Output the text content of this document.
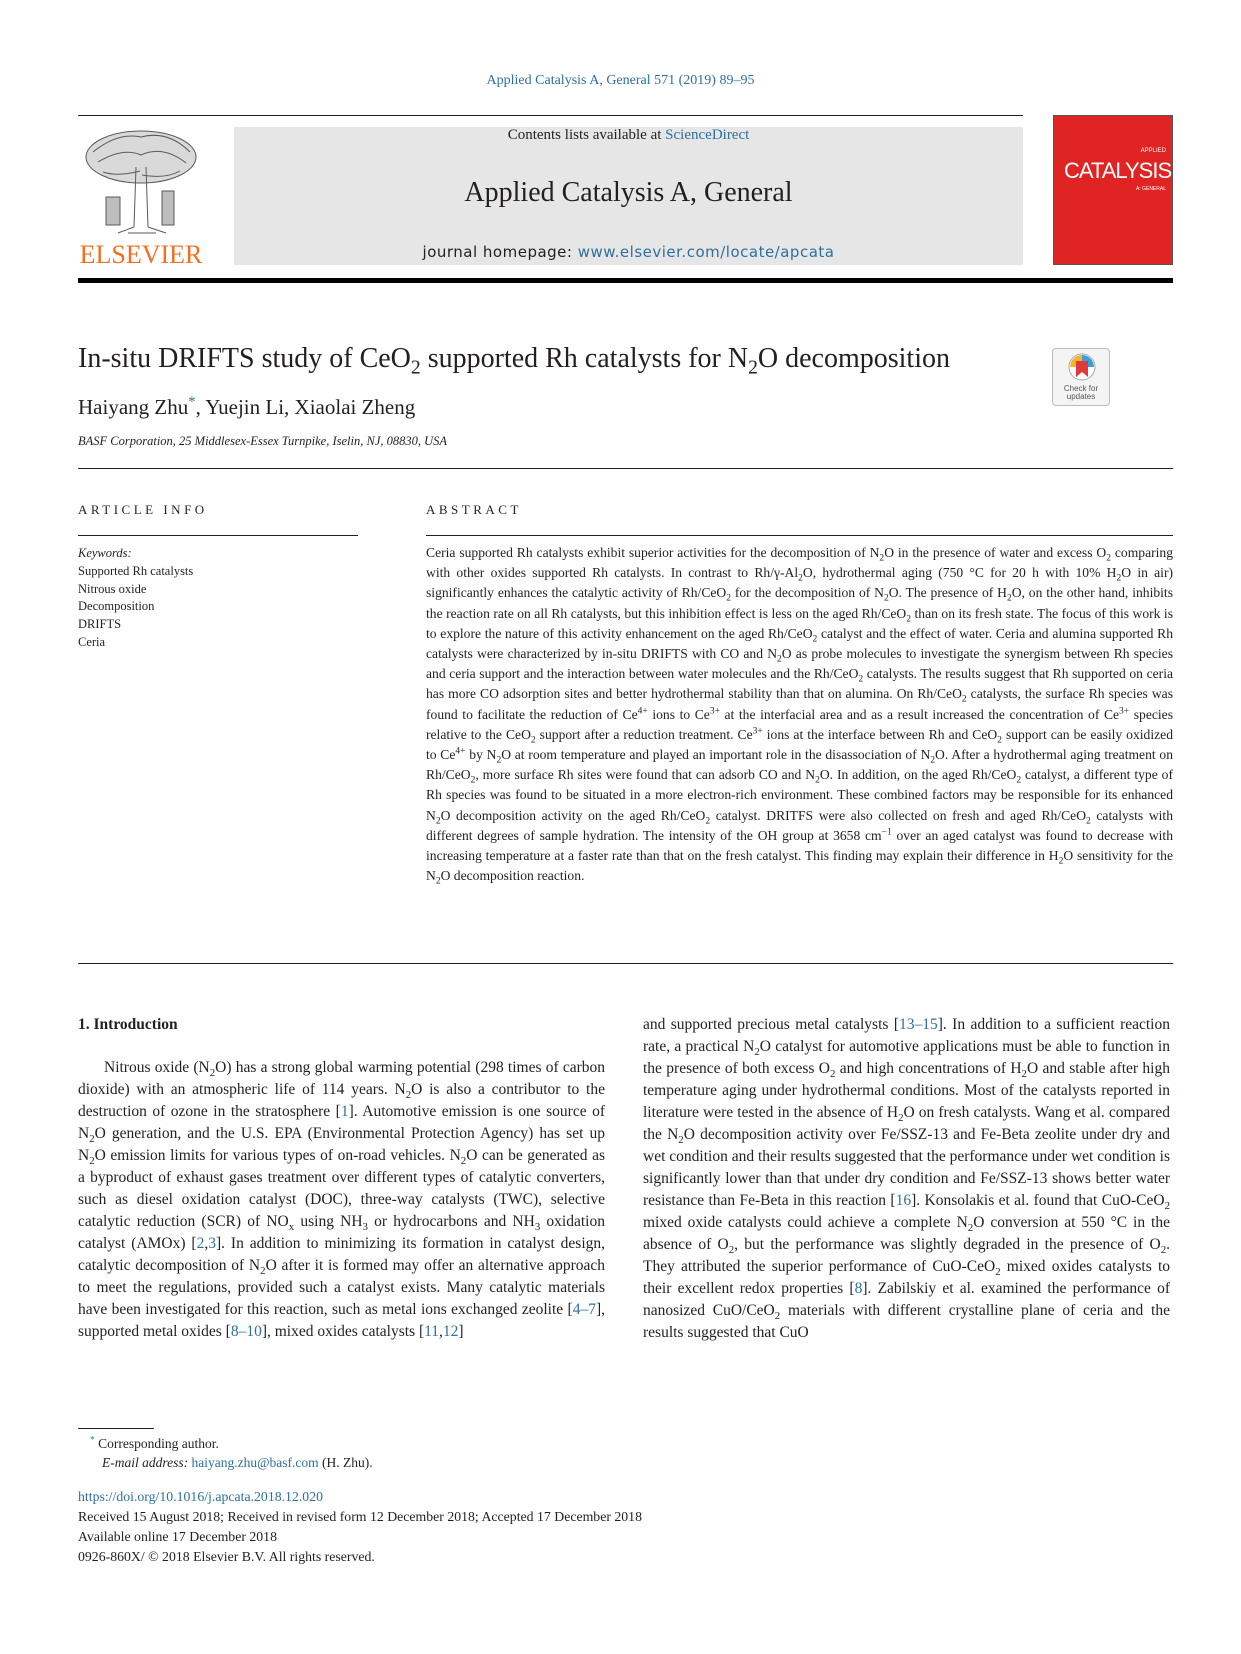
Applied Catalysis A, General 571 (2019) 89–95
ELSEVIER
Contents lists available at ScienceDirect
Applied Catalysis A, General
journal homepage: www.elsevier.com/locate/apcata
APPLIED
CATALYSIS
A: GENERAL
In-situ DRIFTS study of CeO$_2$ supported Rh catalysts for $N_2O$ decomposition
Check for
updates
Haiyang Zhu*, Yuejin Li, Xiaolai Zheng
BASF Corporation, 25 Middlesex-Essex Turnpike, Iselin, NJ, 08830, USA
ARTICLE INFO	ABSTRACT
Keywords:
Supported Rh catalysts
Nitrous oxide
Decomposition
DRIFTS
Ceria
Ceria supported Rh catalysts exhibit superior activities for the decomposition of $N_2O$ in the presence of water and excess $O_2$ comparing with other oxides supported Rh catalysts. In contrast to $Rh/\gamma-Al_2O$, hydrothermal aging (750 °C for 20 h with 10% $H_2O$ in air) significantly enhances the catalytic activity of Rh/CeO$_2$ for the decomposition of $N_2O$. The presence of $H_2O$, on the other hand, inhibits the reaction rate on all Rh catalysts, but this inhibition effect is less on the aged Rh/CeO$_2$ than on its fresh state. The focus of this work is to explore the nature of this activity enhancement on the aged Rh/CeO$_2$ catalyst and the effect of water. Ceria and alumina supported Rh catalysts were characterized by in-situ DRIFTS with CO and $N_2O$ as probe molecules to investigate the synergism between Rh species and ceria support and the interaction between water molecules and the Rh/CeO$_2$ catalysts. The results suggest that Rh supported on ceria has more CO adsorption sites and better hydrothermal stability than that on alumina. On Rh/CeO$_2$ catalysts, the surface Rh species was found to facilitate the reduction of $Ce^{4+}$ ions to $Ce^{3+}$ at the interfacial area and as a result increased the concentration of $Ce^{3+}$ species relative to the CeO$_2$ support after a reduction treatment. $Ce^{3+}$ ions at the interface between Rh and CeO$_2$ support can be easily oxidized to $Ce^{4+}$ by $N_2O$ at room temperature and played an important role in the disassociation of $N_2O$. After a hydrothermal aging treatment on Rh/CeO$_2$, more surface Rh sites were found that can adsorb CO and $N_2O$. In addition, on the aged Rh/CeO$_2$ catalyst, a different type of Rh species was found to be situated in a more electron-rich environment. These combined factors may be responsible for its enhanced $N_2O$ decomposition activity on the aged Rh/CeO$_2$ catalyst. DRITFS were also collected on fresh and aged Rh/CeO$_2$ catalysts with different degrees of sample hydration. The intensity of the OH group at 3658 $cm^{-1}$ over an aged catalyst was found to decrease with increasing temperature at a faster rate than that on the fresh catalyst. This finding may explain their difference in $H_2O$ sensitivity for the $N_2O$ decomposition reaction.
1. Introduction

Nitrous oxide $(N_2O)$ has a strong global warming potential (298 times of carbon dioxide) with an atmospheric life of 114 years. $N_2O$ is also a contributor to the destruction of ozone in the stratosphere [1]. Automotive emission is one source of $N_2O$ generation, and the U.S. EPA (Environmental Protection Agency) has set up $N_2O$ emission limits for various types of on-road vehicles. $N_2O$ can be generated as a byproduct of exhaust gases treatment over different types of catalytic converters, such as diesel oxidation catalyst (DOC), three-way catalysts (TWC), selective catalytic reduction (SCR) of $NO_x$ using $NH_3$ or hydrocarbons and $NH_3$ oxidation catalyst (AMOx) [2,3]. In addition to minimizing its formation in catalyst design, catalytic decomposition of $N_2O$ after it is formed may offer an alternative approach to meet the regulations, provided such a catalyst exists. Many catalytic materials have been investigated for this reaction, such as metal ions exchanged zeolite [4–7], supported metal oxides [8–10], mixed oxides catalysts [11,12]

and supported precious metal catalysts [13–15]. In addition to a sufficient reaction rate, a practical $N_2O$ catalyst for automotive applications must be able to function in the presence of both excess $O_2$ and high concentrations of $H_2O$ and stable after high temperature aging under hydrothermal conditions. Most of the catalysts reported in literature were tested in the absence of $H_2O$ on fresh catalysts. Wang et al. compared the $N_2O$ decomposition activity over Fe/SSZ-13 and Fe-Beta zeolite under dry and wet condition and their results suggested that the performance under wet condition is significantly lower than that under dry condition and Fe/SSZ-13 shows better water resistance than Fe-Beta in this reaction [16]. Konsolakis et al. found that CuO-CeO$_2$ mixed oxide catalysts could achieve a complete $N_2O$ conversion at 550 °C in the absence of $O_2$, but the performance was slightly degraded in the presence of $O_2$. They attributed the superior performance of CuO-CeO$_2$ mixed oxides catalysts to their excellent redox properties [8]. Zabilskiy et al. examined the performance of nanosized CuO/CeO$_2$ materials with different crystalline plane of ceria and the results suggested that CuO

* Corresponding author.
E-mail address: haiyang.zhu@basf.com (H. Zhu).
https://doi.org/10.1016/j.apcata.2018.12.020
Received 15 August 2018; Received in revised form 12 December 2018; Accepted 17 December 2018
Available online 17 December 2018
0926-860X/ © 2018 Elsevier B.V. All rights reserved.
